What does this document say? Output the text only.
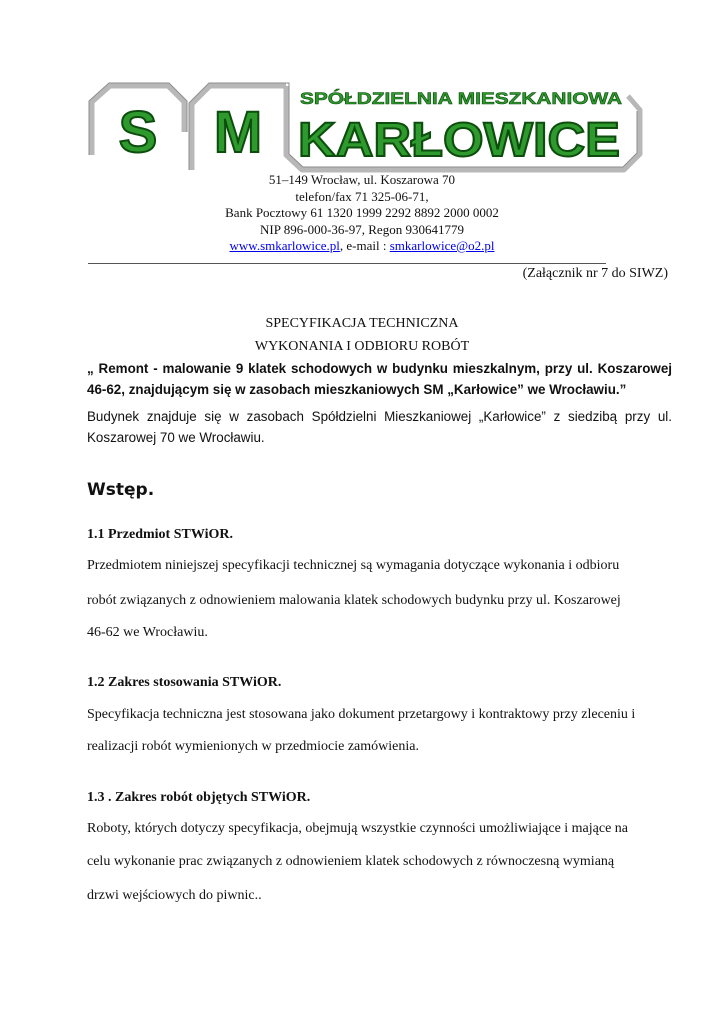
S M
SPÓŁDZIELNIA MIESZKANIOWA
KARŁOWICE
51–149 Wrocław, ul. Koszarowa 70
telefon/fax 71 325-06-71,
Bank Pocztowy 61 1320 1999 2292 8892 2000 0002
NIP 896-000-36-97, Regon 930641779
www.smkarlowice.pl, e-mail : smkarlowice@o2.pl
(Załącznik nr 7 do SIWZ)
SPECYFIKACJA TECHNICZNA
WYKONANIA I ODBIORU ROBÓT
„ Remont - malowanie 9 klatek schodowych w budynku mieszkalnym, przy ul. Koszarowej
46-62, znajdującym się w zasobach mieszkaniowych SM „Karłowice” we Wrocławiu.”
Budynek znajduje się w zasobach Spółdzielni Mieszkaniowej „Karłowice” z siedzibą przy ul.
Koszarowej 70 we Wrocławiu.
Wstęp.
1.1 Przedmiot STWiOR.
Przedmiotem niniejszej specyfikacji technicznej są wymagania dotyczące wykonania i odbioru
robót związanych z odnowieniem malowania klatek schodowych budynku przy ul. Koszarowej
46-62 we Wrocławiu.
1.2 Zakres stosowania STWiOR.
Specyfikacja techniczna jest stosowana jako dokument przetargowy i kontraktowy przy zleceniu i
realizacji robót wymienionych w przedmiocie zamówienia.
1.3 . Zakres robót objętych STWiOR.
Roboty, których dotyczy specyfikacja, obejmują wszystkie czynności umożliwiające i mające na
celu wykonanie prac związanych z odnowieniem klatek schodowych z równoczesną wymianą
drzwi wejściowych do piwnic..
